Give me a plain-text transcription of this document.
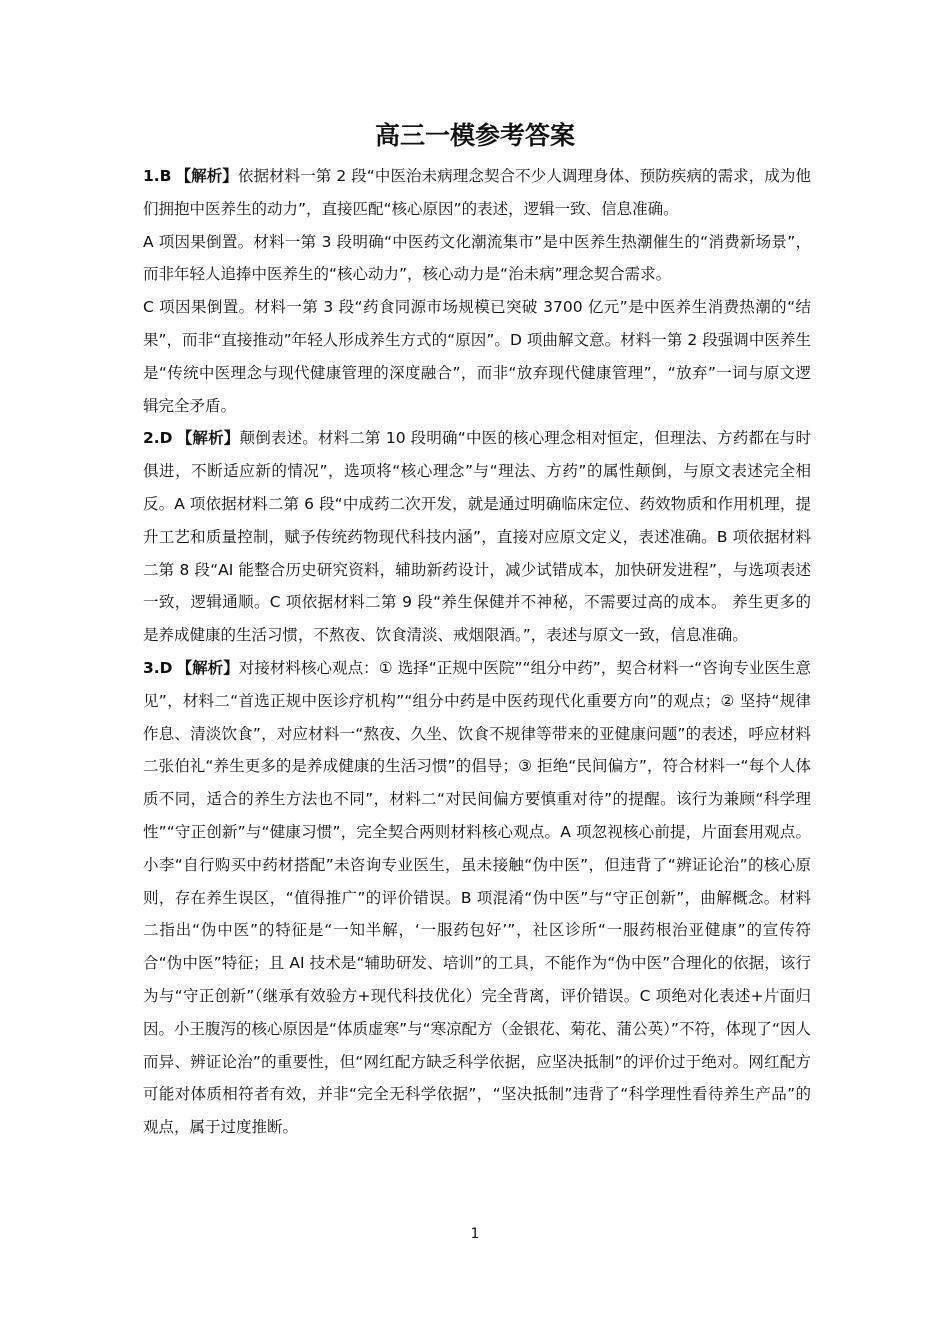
高三一模参考答案

1.B 【解析】依据材料一第 2 段“中医治未病理念契合不少人调理身体、预防疾病的需求，成为他们拥抱中医养生的动力”，直接匹配“核心原因”的表述，逻辑一致、信息准确。

A 项因果倒置。材料一第 3 段明确“中医药文化潮流集市”是中医养生热潮催生的“消费新场景”，而非年轻人追捧中医养生的“核心动力”，核心动力是“治未病”理念契合需求。

C 项因果倒置。材料一第 3 段“药食同源市场规模已突破 3700 亿元”是中医养生消费热潮的“结果”，而非“直接推动”年轻人形成养生方式的“原因”。D 项曲解文意。材料一第 2 段强调中医养生是“传统中医理念与现代健康管理的深度融合”，而非“放弃现代健康管理”，“放弃”一词与原文逻辑完全矛盾。

2.D 【解析】颠倒表述。材料二第 10 段明确“中医的核心理念相对恒定，但理法、方药都在与时俱进，不断适应新的情况”，选项将“核心理念”与“理法、方药”的属性颠倒，与原文表述完全相反。A 项依据材料二第 6 段“中成药二次开发，就是通过明确临床定位、药效物质和作用机理，提升工艺和质量控制，赋予传统药物现代科技内涵”，直接对应原文定义，表述准确。B 项依据材料二第 8 段“AI 能整合历史研究资料，辅助新药设计，减少试错成本，加快研发进程”，与选项表述一致，逻辑通顺。C 项依据材料二第 9 段“养生保健并不神秘，不需要过高的成本。 养生更多的是养成健康的生活习惯，不熬夜、饮食清淡、戒烟限酒。”，表述与原文一致，信息准确。

3.D 【解析】对接材料核心观点：① 选择“正规中医院”“组分中药”，契合材料一“咨询专业医生意见”，材料二“首选正规中医诊疗机构”“组分中药是中医药现代化重要方向”的观点；② 坚持“规律作息、清淡饮食”，对应材料一“熬夜、久坐、饮食不规律等带来的亚健康问题”的表述，呼应材料二张伯礼“养生更多的是养成健康的生活习惯”的倡导；③ 拒绝“民间偏方”，符合材料一“每个人体质不同，适合的养生方法也不同”，材料二“对民间偏方要慎重对待”的提醒。该行为兼顾“科学理性”“守正创新”与“健康习惯”，完全契合两则材料核心观点。A 项忽视核心前提，片面套用观点。小李“自行购买中药材搭配”未咨询专业医生，虽未接触“伪中医”，但违背了“辨证论治”的核心原则，存在养生误区，“值得推广”的评价错误。B 项混淆“伪中医”与“守正创新”，曲解概念。材料二指出“伪中医”的特征是“一知半解，‘一服药包好’”，社区诊所“一服药根治亚健康”的宣传符合“伪中医”特征；且 AI 技术是“辅助研发、培训”的工具，不能作为“伪中医”合理化的依据，该行为与“守正创新”（继承有效验方+现代科技优化）完全背离，评价错误。C 项绝对化表述+片面归因。小王腹泻的核心原因是“体质虚寒”与“寒凉配方（金银花、菊花、蒲公英）”不符，体现了“因人而异、辨证论治”的重要性，但“网红配方缺乏科学依据，应坚决抵制”的评价过于绝对。网红配方可能对体质相符者有效，并非“完全无科学依据”，“坚决抵制”违背了“科学理性看待养生产品”的观点，属于过度推断。

1
